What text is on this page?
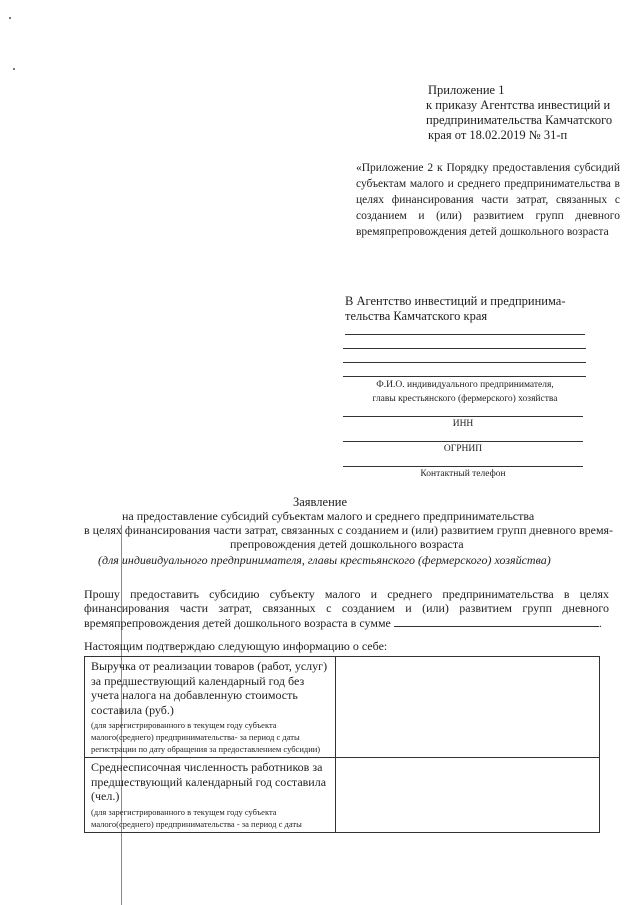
Приложение 1
к приказу Агентства инвестиций и
предпринимательства Камчатского
края от 18.02.2019 № 31-п
«Приложение 2 к Порядку предоставления субсидий субъектам малого и среднего предпринимательства в целях финансирования части затрат, связанных с созданием и (или) развитием групп дневного времяпрепровождения детей дошкольного возраста
В Агентство инвестиций и предпринима-
тельства Камчатского края
Ф.И.О. индивидуального предпринимателя,
главы крестьянского (фермерского) хозяйства
ИНН
ОГРНИП
Контактный телефон
Заявление
на предоставление субсидий субъектам малого и среднего предпринимательства
в целях финансирования части затрат, связанных с созданием и (или) развитием групп дневного время-
препровождения детей дошкольного возраста
(для индивидуального предпринимателя, главы крестьянского (фермерского) хозяйства)
Прошу предоставить субсидию субъекту малого и среднего предпринимательства в целях финансирования части затрат, связанных с созданием и (или) развитием групп дневного времяпрепровождения детей дошкольного возраста в сумме	.
Настоящим подтверждаю следующую информацию о себе:
Выручка от реализации товаров (работ, услуг) за предшествующий календарный год без учета налога на добавленную стоимость составила (руб.)
(для зарегистрированного в текущем году субъекта малого(среднего) предпринимательства- за период с даты регистрации по дату обращения за предоставлением субсидии)	

Среднесписочная численность работников за предшествующий календарный год составила (чел.)
(для зарегистрированного в текущем году субъекта малого(среднего) предпринимательства - за период с даты	
